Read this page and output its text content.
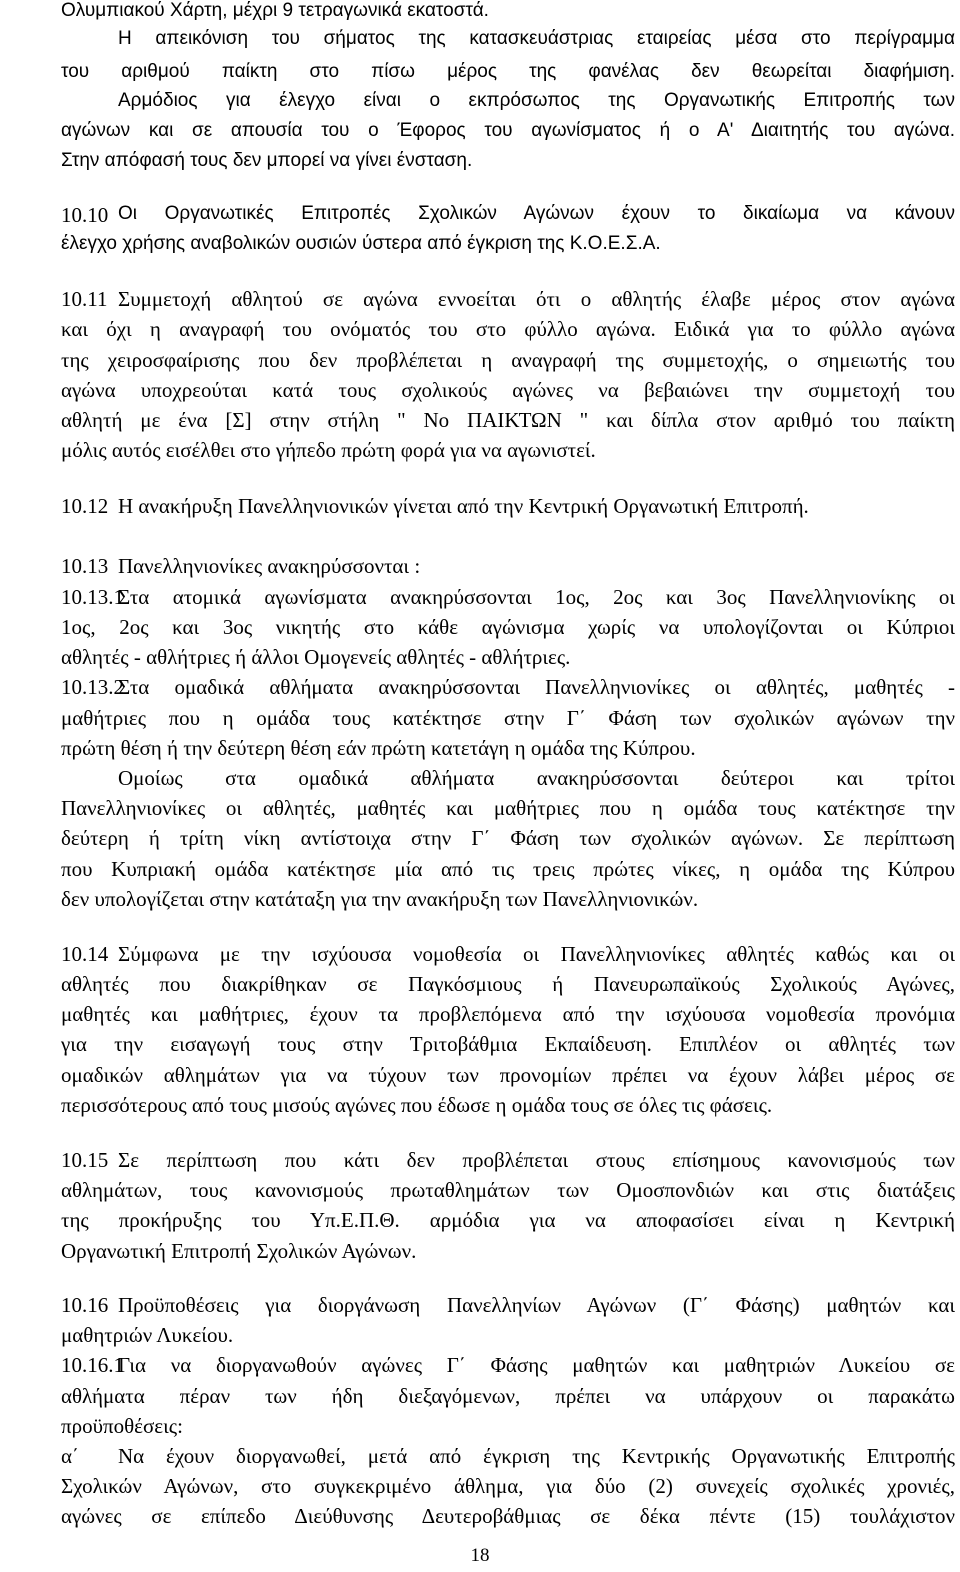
Ολυμπιακού Χάρτη, μέχρι 9 τετραγωνικά εκατοστά.
Η απεικόνιση του σήματος της κατασκευάστριας εταιρείας μέσα στο περίγραμμα
του αριθμού παίκτη στο πίσω μέρος της φανέλας δεν θεωρείται διαφήμιση.
Αρμόδιος για έλεγχο είναι ο εκπρόσωπος της Οργανωτικής Επιτροπής των
αγώνων και σε απουσία του ο Έφορος του αγωνίσματος ή ο Α' Διαιτητής του αγώνα.
Στην απόφασή τους δεν μπορεί να γίνει ένσταση.
10.10 Οι Οργανωτικές Επιτροπές Σχολικών Αγώνων έχουν το δικαίωμα να κάνουν
έλεγχο χρήσης αναβολικών ουσιών ύστερα από έγκριση της Κ.Ο.Ε.Σ.Α.
10.11 Συμμετοχή αθλητού σε αγώνα εννοείται ότι ο αθλητής έλαβε μέρος στον αγώνα
και όχι η αναγραφή του ονόματός του στο φύλλο αγώνα. Ειδικά για το φύλλο αγώνα
της χειροσφαίρισης που δεν προβλέπεται η αναγραφή της συμμετοχής, ο σημειωτής του
αγώνα υποχρεούται κατά τους σχολικούς αγώνες να βεβαιώνει την συμμετοχή του
αθλητή με ένα [Σ] στην στήλη " Νο ΠΑΙΚΤΩΝ " και δίπλα στον αριθμό του παίκτη
μόλις αυτός εισέλθει στο γήπεδο πρώτη φορά για να αγωνιστεί.
10.12 Η ανακήρυξη Πανελληνιονικών γίνεται από την Κεντρική Οργανωτική Επιτροπή.
10.13 Πανελληνιονίκες ανακηρύσσονται :
10.13.1
Στα ατομικά αγωνίσματα ανακηρύσσονται 1ος, 2ος και 3ος Πανελληνιονίκης οι
1ος, 2ος και 3ος νικητής στο κάθε αγώνισμα χωρίς να υπολογίζονται οι Κύπριοι
αθλητές - αθλήτριες ή άλλοι Ομογενείς αθλητές - αθλήτριες.
10.13.2
Στα ομαδικά αθλήματα ανακηρύσσονται Πανελληνιονίκες οι αθλητές, μαθητές -
μαθήτριες που η ομάδα τους κατέκτησε στην Γ΄ Φάση των σχολικών αγώνων την
πρώτη θέση ή την δεύτερη θέση εάν πρώτη κατετάγη η ομάδα της Κύπρου.
Ομοίως στα ομαδικά αθλήματα ανακηρύσσονται δεύτεροι και τρίτοι
Πανελληνιονίκες οι αθλητές, μαθητές και μαθήτριες που η ομάδα τους κατέκτησε την
δεύτερη ή τρίτη νίκη αντίστοιχα στην Γ΄ Φάση των σχολικών αγώνων. Σε περίπτωση
που Κυπριακή ομάδα κατέκτησε μία από τις τρεις πρώτες νίκες, η ομάδα της Κύπρου
δεν υπολογίζεται στην κατάταξη για την ανακήρυξη των Πανελληνιονικών.
10.14 Σύμφωνα με την ισχύουσα νομοθεσία οι Πανελληνιονίκες αθλητές καθώς και οι
αθλητές που διακρίθηκαν σε Παγκόσμιους ή Πανευρωπαϊκούς Σχολικούς Αγώνες,
μαθητές και μαθήτριες, έχουν τα προβλεπόμενα από την ισχύουσα νομοθεσία προνόμια
για την εισαγωγή τους στην Τριτοβάθμια Εκπαίδευση. Επιπλέον οι αθλητές των
ομαδικών αθλημάτων για να τύχουν των προνομίων πρέπει να έχουν λάβει μέρος σε
περισσότερους από τους μισούς αγώνες που έδωσε η ομάδα τους σε όλες τις φάσεις.
10.15 Σε περίπτωση που κάτι δεν προβλέπεται στους επίσημους κανονισμούς των
αθλημάτων, τους κανονισμούς πρωταθλημάτων των Ομοσπονδιών και στις διατάξεις
της προκήρυξης του Υπ.Ε.Π.Θ. αρμόδια για να αποφασίσει είναι η Κεντρική
Οργανωτική Επιτροπή Σχολικών Αγώνων.
10.16 Προϋποθέσεις για διοργάνωση Πανελληνίων Αγώνων (Γ΄ Φάσης) μαθητών και
μαθητριών Λυκείου.
10.16.1
Για να διοργανωθούν αγώνες Γ΄ Φάσης μαθητών και μαθητριών Λυκείου σε
αθλήματα πέραν των ήδη διεξαγόμενων, πρέπει να υπάρχουν οι παρακάτω
προϋποθέσεις:
α΄ Να έχουν διοργανωθεί, μετά από έγκριση της Κεντρικής Οργανωτικής Επιτροπής
Σχολικών Αγώνων, στο συγκεκριμένο άθλημα, για δύο (2) συνεχείς σχολικές χρονιές,
αγώνες σε επίπεδο Διεύθυνσης Δευτεροβάθμιας σε δέκα πέντε (15) τουλάχιστον
18
